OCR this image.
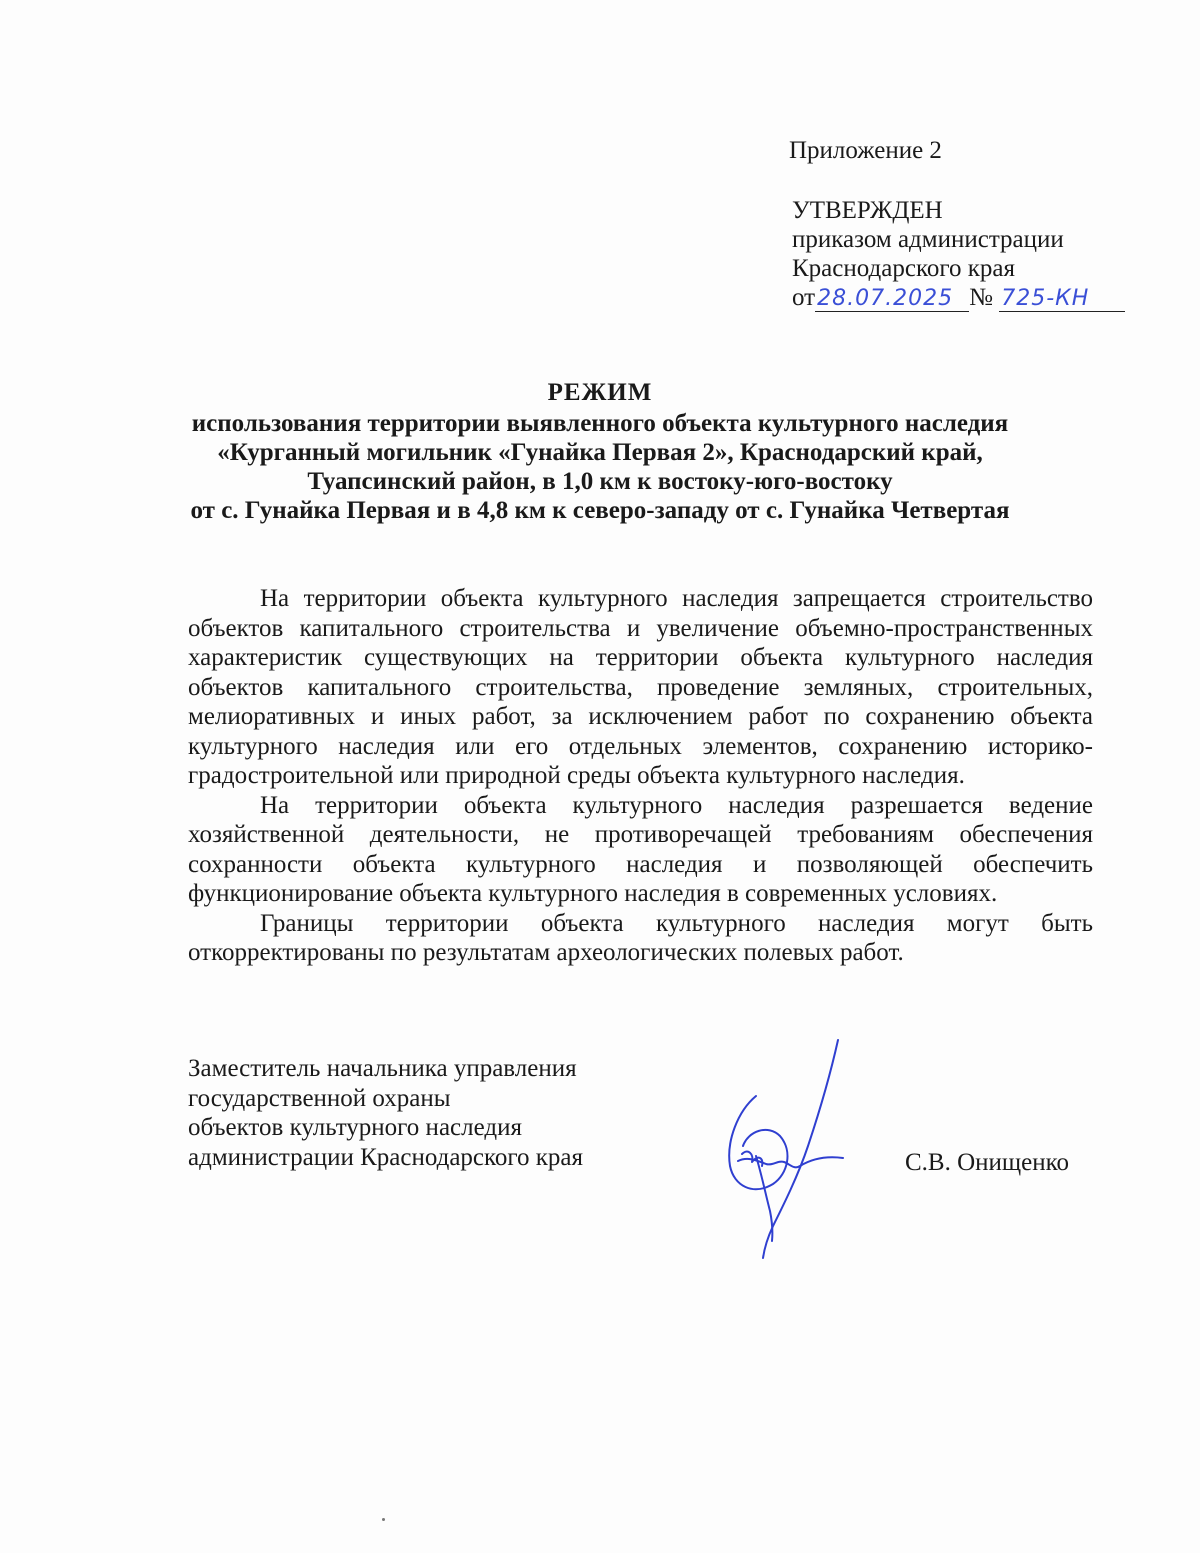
Приложение 2
УТВЕРЖДЕН
приказом администрации
Краснодарского края
от28.07.2025 № 725-КН
РЕЖИМ
использования территории выявленного объекта культурного наследия
«Курганный могильник «Гунайка Первая 2», Краснодарский край,
Туапсинский район, в 1,0 км к востоку-юго-востоку
от с. Гунайка Первая и в 4,8 км к северо-западу от с. Гунайка Четвертая

На территории объекта культурного наследия запрещается строительство объектов капитального строительства и увеличение объемно-пространственных характеристик существующих на территории объекта культурного наследия объектов капитального строительства, проведение земляных, строительных, мелиоративных и иных работ, за исключением работ по сохранению объекта культурного наследия или его отдельных элементов, сохранению историко-градостроительной или природной среды объекта культурного наследия.

На территории объекта культурного наследия разрешается ведение хозяйственной деятельности, не противоречащей требованиям обеспечения сохранности объекта культурного наследия и позволяющей обеспечить функционирование объекта культурного наследия в современных условиях.

Границы территории объекта культурного наследия могут быть откорректированы по результатам археологических полевых работ.

Заместитель начальника управления
государственной охраны
объектов культурного наследия
администрации Краснодарского края	С.В. Онищенко
